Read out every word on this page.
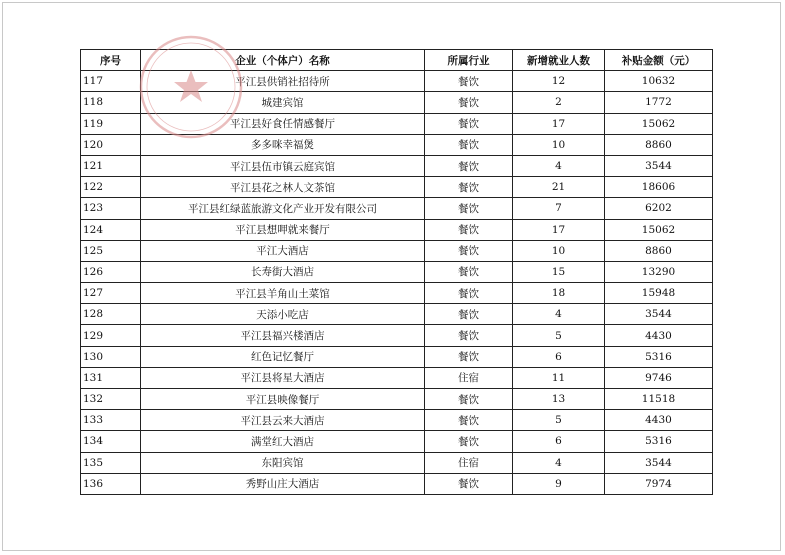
序号	企业（个体户）名称	所属行业	新增就业人数	补贴金额（元）
117	平江县供销社招待所	餐饮	12	10632
118	城建宾馆	餐饮	2	1772
119	平江县好食任情感餐厅	餐饮	17	15062
120	多多咪幸福煲	餐饮	10	8860
121	平江县伍市镇云庭宾馆	餐饮	4	3544
122	平江县花之林人文茶馆	餐饮	21	18606
123	平江县红绿蓝旅游文化产业开发有限公司	餐饮	7	6202
124	平江县想呷就来餐厅	餐饮	17	15062
125	平江大酒店	餐饮	10	8860
126	长寿街大酒店	餐饮	15	13290
127	平江县羊角山土菜馆	餐饮	18	15948
128	天添小吃店	餐饮	4	3544
129	平江县福兴楼酒店	餐饮	5	4430
130	红色记忆餐厅	餐饮	6	5316
131	平江县将星大酒店	住宿	11	9746
132	平江县映像餐厅	餐饮	13	11518
133	平江县云来大酒店	餐饮	5	4430
134	满堂红大酒店	餐饮	6	5316
135	东阳宾馆	住宿	4	3544
136	秀野山庄大酒店	餐饮	9	7974
